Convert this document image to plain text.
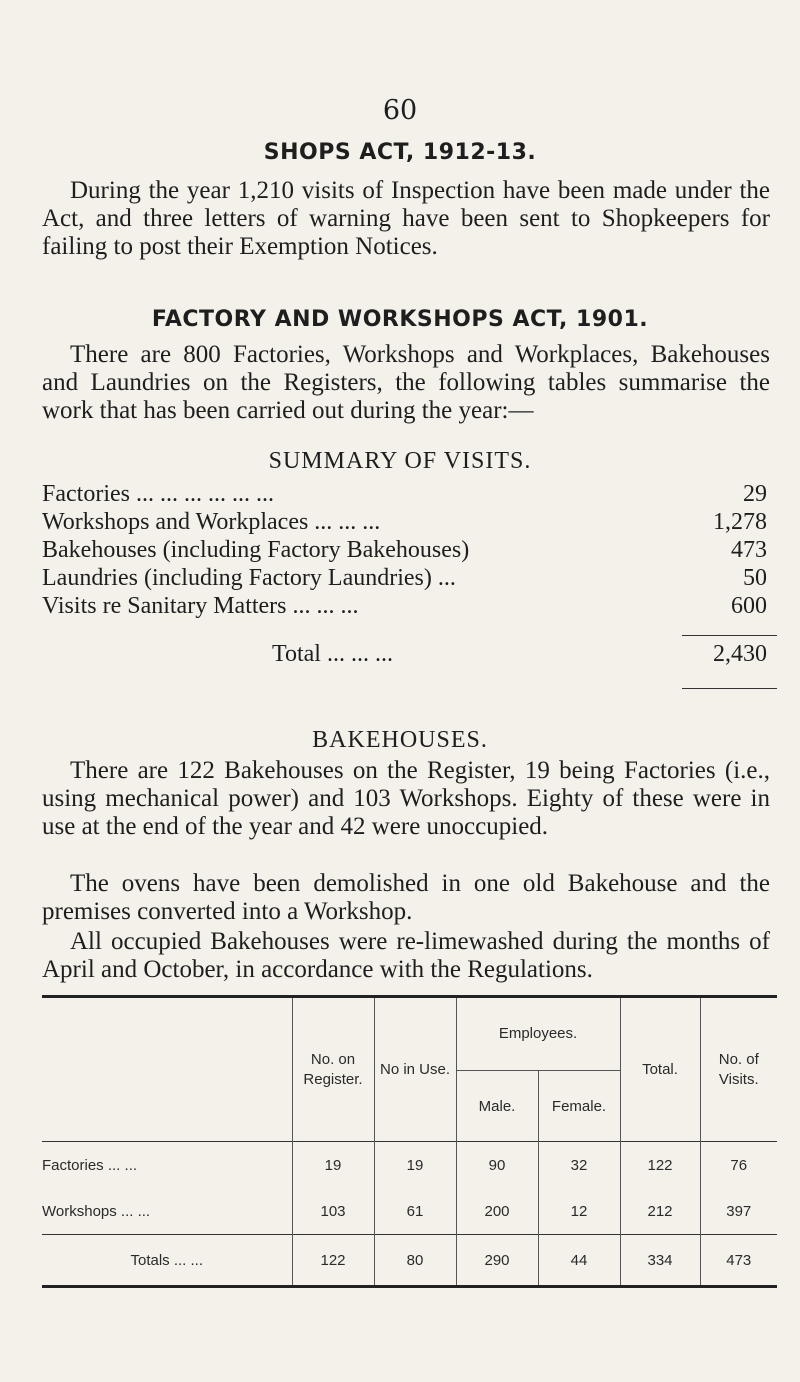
60
SHOPS ACT, 1912-13.
During the year 1,210 visits of Inspection have been made under the Act, and three letters of warning have been sent to Shopkeepers for failing to post their Exemption Notices.
FACTORY AND WORKSHOPS ACT, 1901.
There are 800 Factories, Workshops and Workplaces, Bakehouses and Laundries on the Registers, the following tables summarise the work that has been carried out during the year:—
SUMMARY OF VISITS.
Factories ... ... ... ... ... ...	29
Workshops and Workplaces ... ... ...	1,278
Bakehouses (including Factory Bakehouses)	473
Laundries (including Factory Laundries) ...	50
Visits re Sanitary Matters ... ... ...	600
Total ... ... ...	2,430
BAKEHOUSES.
There are 122 Bakehouses on the Register, 19 being Factories (i.e., using mechanical power) and 103 Workshops. Eighty of these were in use at the end of the year and 42 were unoccupied.
The ovens have been demolished in one old Bakehouse and the premises converted into a Workshop.
All occupied Bakehouses were re-limewashed during the months of April and October, in accordance with the Regulations.
	No. on Register.	No in Use.	Employees.		Total.	No. of Visits.
			Male.	Female.		
Factories ... ...	19	19	90	32	122	76
Workshops ... ...	103	61	200	12	212	397
Totals ... ...	122	80	290	44	334	473
